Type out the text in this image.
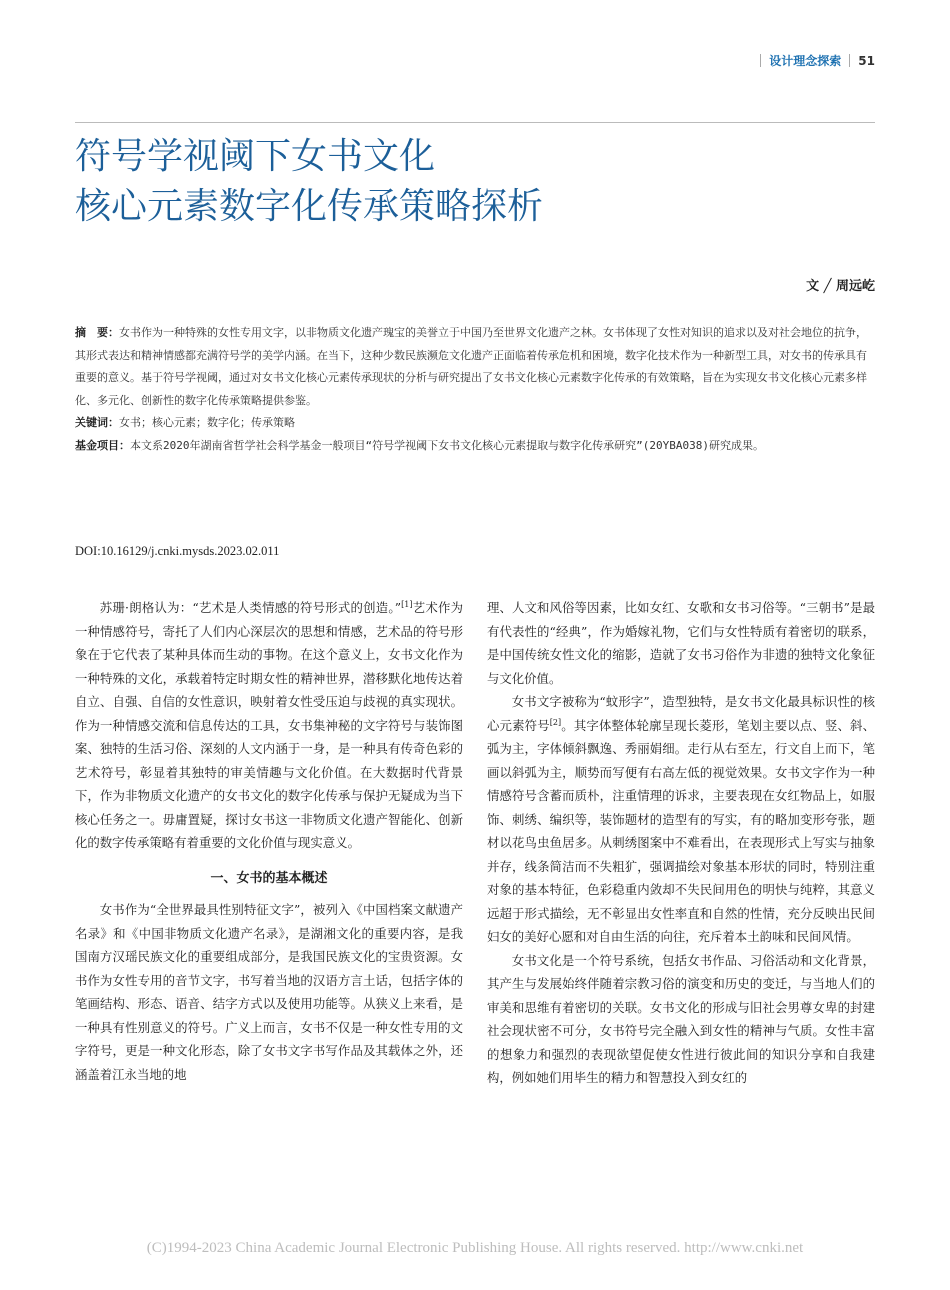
设计理念探索 51
符号学视阈下女书文化
核心元素数字化传承策略探析
文 ╱ 周远屹

摘　要：女书作为一种特殊的女性专用文字，以非物质文化遗产瑰宝的美誉立于中国乃至世界文化遗产之林。女书体现了女性对知识的追求以及对社会地位的抗争，其形式表达和精神情感都充满符号学的美学内涵。在当下，这种少数民族濒危文化遗产正面临着传承危机和困境，数字化技术作为一种新型工具，对女书的传承具有重要的意义。基于符号学视阈，通过对女书文化核心元素传承现状的分析与研究提出了女书文化核心元素数字化传承的有效策略，旨在为实现女书文化核心元素多样化、多元化、创新性的数字化传承策略提供参鉴。

关键词：女书；核心元素；数字化；传承策略

基金项目：本文系2020年湖南省哲学社会科学基金一般项目“符号学视阈下女书文化核心元素提取与数字化传承研究”(20YBA038)研究成果。

DOI:10.16129/j.cnki.mysds.2023.02.011

苏珊·朗格认为：“艺术是人类情感的符号形式的创造。”[1]艺术作为一种情感符号，寄托了人们内心深层次的思想和情感，艺术品的符号形象在于它代表了某种具体而生动的事物。在这个意义上，女书文化作为一种特殊的文化，承载着特定时期女性的精神世界，潜移默化地传达着自立、自强、自信的女性意识，映射着女性受压迫与歧视的真实现状。作为一种情感交流和信息传达的工具，女书集神秘的文字符号与装饰图案、独特的生活习俗、深刻的人文内涵于一身，是一种具有传奇色彩的艺术符号，彰显着其独特的审美情趣与文化价值。在大数据时代背景下，作为非物质文化遗产的女书文化的数字化传承与保护无疑成为当下核心任务之一。毋庸置疑，探讨女书这一非物质文化遗产智能化、创新化的数字传承策略有着重要的文化价值与现实意义。

一、女书的基本概述

女书作为“全世界最具性别特征文字”，被列入《中国档案文献遗产名录》和《中国非物质文化遗产名录》，是湖湘文化的重要内容，是我国南方汉瑶民族文化的重要组成部分，是我国民族文化的宝贵资源。女书作为女性专用的音节文字，书写着当地的汉语方言土话，包括字体的笔画结构、形态、语音、结字方式以及使用功能等。从狭义上来看，是一种具有性别意义的符号。广义上而言，女书不仅是一种女性专用的文字符号，更是一种文化形态，除了女书文字书写作品及其载体之外，还涵盖着江永当地的地

理、人文和风俗等因素，比如女红、女歌和女书习俗等。“三朝书”是最有代表性的“经典”，作为婚嫁礼物，它们与女性特质有着密切的联系，是中国传统女性文化的缩影，造就了女书习俗作为非遗的独特文化象征与文化价值。

女书文字被称为“蚊形字”，造型独特，是女书文化最具标识性的核心元素符号[2]。其字体整体轮廓呈现长菱形，笔划主要以点、竖、斜、弧为主，字体倾斜飘逸、秀丽娟细。走行从右至左，行文自上而下，笔画以斜弧为主，顺势而写便有右高左低的视觉效果。女书文字作为一种情感符号含蓄而质朴，注重情理的诉求，主要表现在女红物品上，如服饰、刺绣、编织等，装饰题材的造型有的写实，有的略加变形夸张，题材以花鸟虫鱼居多。从刺绣图案中不难看出，在表现形式上写实与抽象并存，线条简洁而不失粗犷，强调描绘对象基本形状的同时，特别注重对象的基本特征，色彩稳重内敛却不失民间用色的明快与纯粹，其意义远超于形式描绘，无不彰显出女性率直和自然的性情，充分反映出民间妇女的美好心愿和对自由生活的向往，充斥着本土韵味和民间风情。

女书文化是一个符号系统，包括女书作品、习俗活动和文化背景，其产生与发展始终伴随着宗教习俗的演变和历史的变迁，与当地人们的审美和思维有着密切的关联。女书文化的形成与旧社会男尊女卑的封建社会现状密不可分，女书符号完全融入到女性的精神与气质。女性丰富的想象力和强烈的表现欲望促使女性进行彼此间的知识分享和自我建构，例如她们用毕生的精力和智慧投入到女红的

(C)1994-2023 China Academic Journal Electronic Publishing House. All rights reserved. http://www.cnki.net
